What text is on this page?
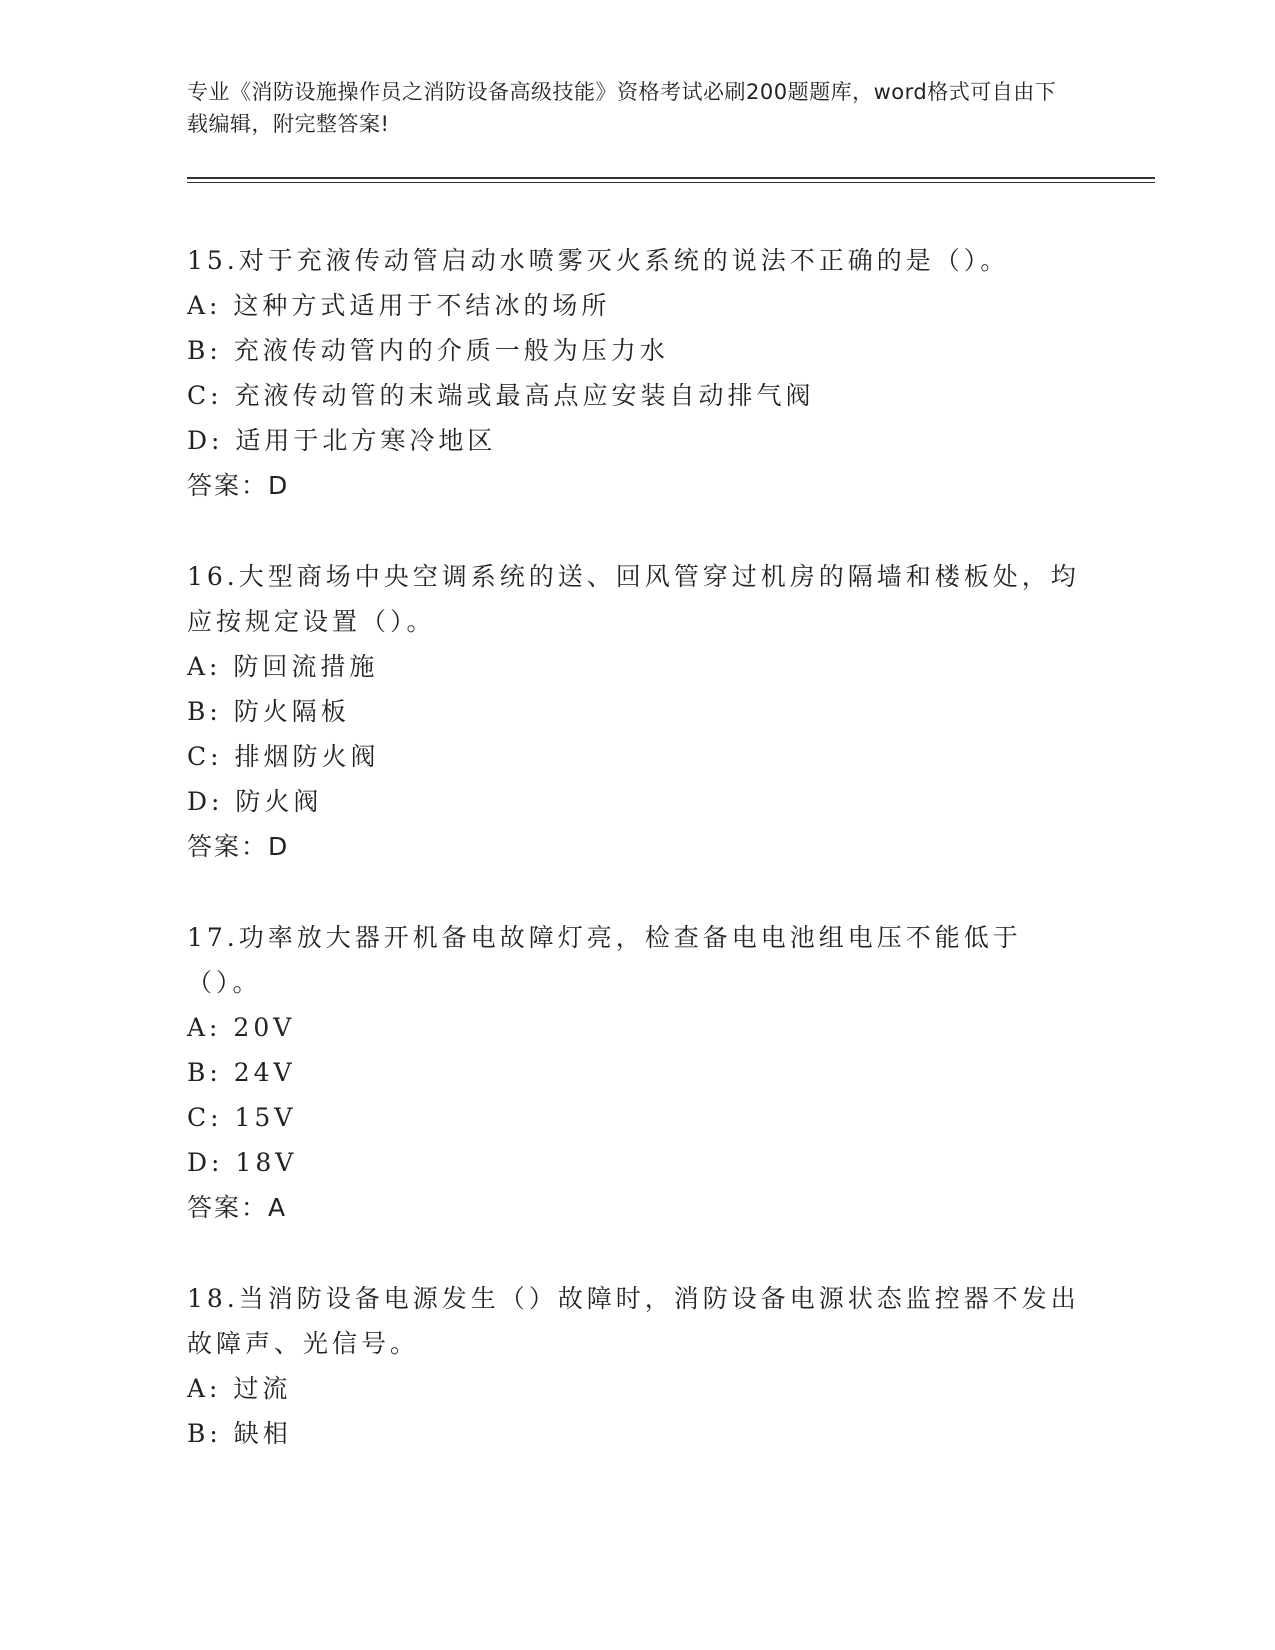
专业《消防设施操作员之消防设备高级技能》资格考试必刷200题题库，word格式可自由下载编辑，附完整答案!
15.对于充液传动管启动水喷雾灭火系统的说法不正确的是（）。
A: 这种方式适用于不结冰的场所
B: 充液传动管内的介质一般为压力水
C: 充液传动管的末端或最高点应安装自动排气阀
D: 适用于北方寒冷地区
答案：D
16.大型商场中央空调系统的送、回风管穿过机房的隔墙和楼板处，均应按规定设置（）。
A: 防回流措施
B: 防火隔板
C: 排烟防火阀
D: 防火阀
答案：D
17.功率放大器开机备电故障灯亮，检查备电电池组电压不能低于（）。
A: 20V
B: 24V
C: 15V
D: 18V
答案：A
18.当消防设备电源发生（）故障时，消防设备电源状态监控器不发出故障声、光信号。
A: 过流
B: 缺相
